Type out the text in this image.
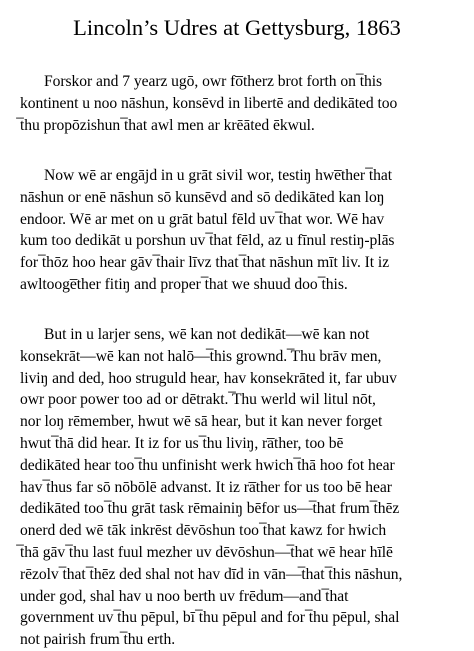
Lincoln’s Udres at Gettysburg, 1863
Forskor and 7 yearz ugō, owr fo̅therz brot forth on ̅this
kontinent u noo nāshun, konsēvd in libertē and dedikāted too
̅thu propōzishun ̅that awl men ar krēāted ēkwul.
Now wē ar engājd in u grāt sivil wor, testiŋ hwe̅ther ̅that
nāshun or enē nāshun sō kunsēvd and sō dedikāted kan loŋ
endoor. Wē ar met on u grāt batul fēld uv ̅that wor. Wē hav
kum too dedikāt u porshun uv ̅that fēld, az u fīnul restiŋ-plās
for ̅thōz hoo hear gāv ̅thair līvz that ̅that nāshun mīt liv. It iz
awltooge̅ther fitiŋ and proper ̅that we shuud doo ̅this.
But in u larjer sens, wē kan not dedikāt—wē kan not
konsekrāt—wē kan not halō—̅this grownd. ̅Thu brāv men,
liviŋ and ded, hoo struguld hear, hav konsekrāted it, far ubuv
owr poor power too ad or dētrakt. ̅Thu werld wil litul nōt,
nor loŋ rēmember, hwut wē sā hear, but it kan never forget
hwut ̅thā did hear. It iz for us ̅thu liviŋ, ra̅ther, too bē
dedikāted hear too ̅thu unfinisht werk hwich ̅thā hoo fot hear
hav ̅thus far sō nōbōlē advanst. It iz ra̅ther for us too bē hear
dedikāted too ̅thu grāt task rēmainiŋ bēfor us—̅that frum ̅thēz
onerd ded wē tāk inkrēst dēvōshun too ̅that kawz for hwich
̅thā gāv ̅thu last fuul mezher uv dēvōshun—̅that wē hear hīlē
rēzolv ̅that ̅thēz ded shal not hav dīd in vān—̅that ̅this nāshun,
under god, shal hav u noo berth uv frēdum—and ̅that
government uv ̅thu pēpul, bī ̅thu pēpul and for ̅thu pēpul, shal
not pairish frum ̅thu erth.
